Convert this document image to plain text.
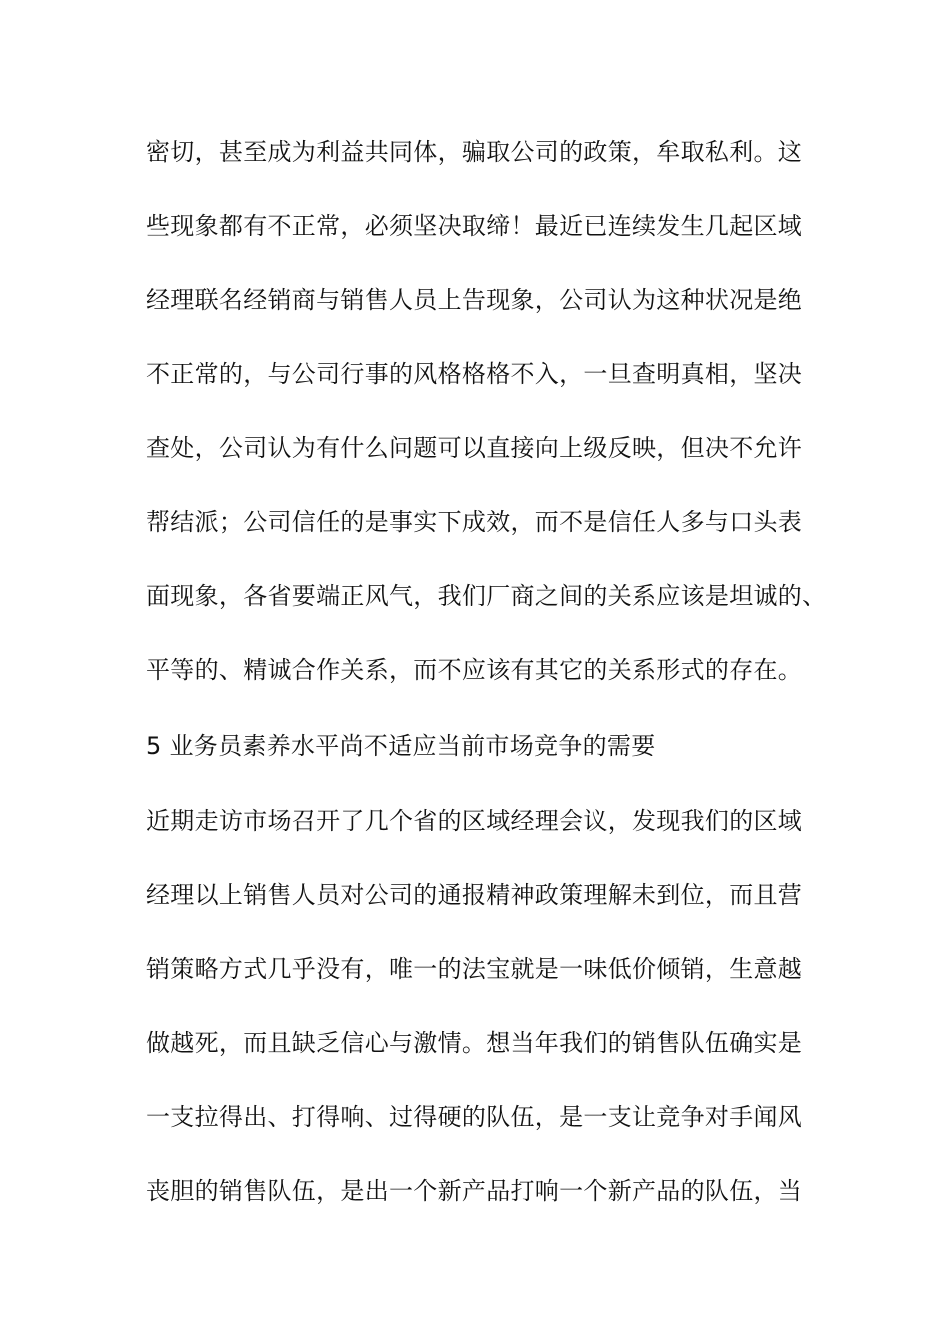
密切，甚至成为利益共同体，骗取公司的政策，牟取私利。这
些现象都有不正常，必须坚决取缔！最近已连续发生几起区域
经理联名经销商与销售人员上告现象，公司认为这种状况是绝
不正常的，与公司行事的风格格格不入，一旦查明真相，坚决
查处，公司认为有什么问题可以直接向上级反映，但决不允许
帮结派；公司信任的是事实下成效，而不是信任人多与口头表
面现象，各省要端正风气，我们厂商之间的关系应该是坦诚的、
平等的、精诚合作关系，而不应该有其它的关系形式的存在。
5 业务员素养水平尚不适应当前市场竞争的需要
近期走访市场召开了几个省的区域经理会议，发现我们的区域
经理以上销售人员对公司的通报精神政策理解未到位，而且营
销策略方式几乎没有，唯一的法宝就是一味低价倾销，生意越
做越死，而且缺乏信心与激情。想当年我们的销售队伍确实是
一支拉得出、打得响、过得硬的队伍，是一支让竞争对手闻风
丧胆的销售队伍，是出一个新产品打响一个新产品的队伍，当
